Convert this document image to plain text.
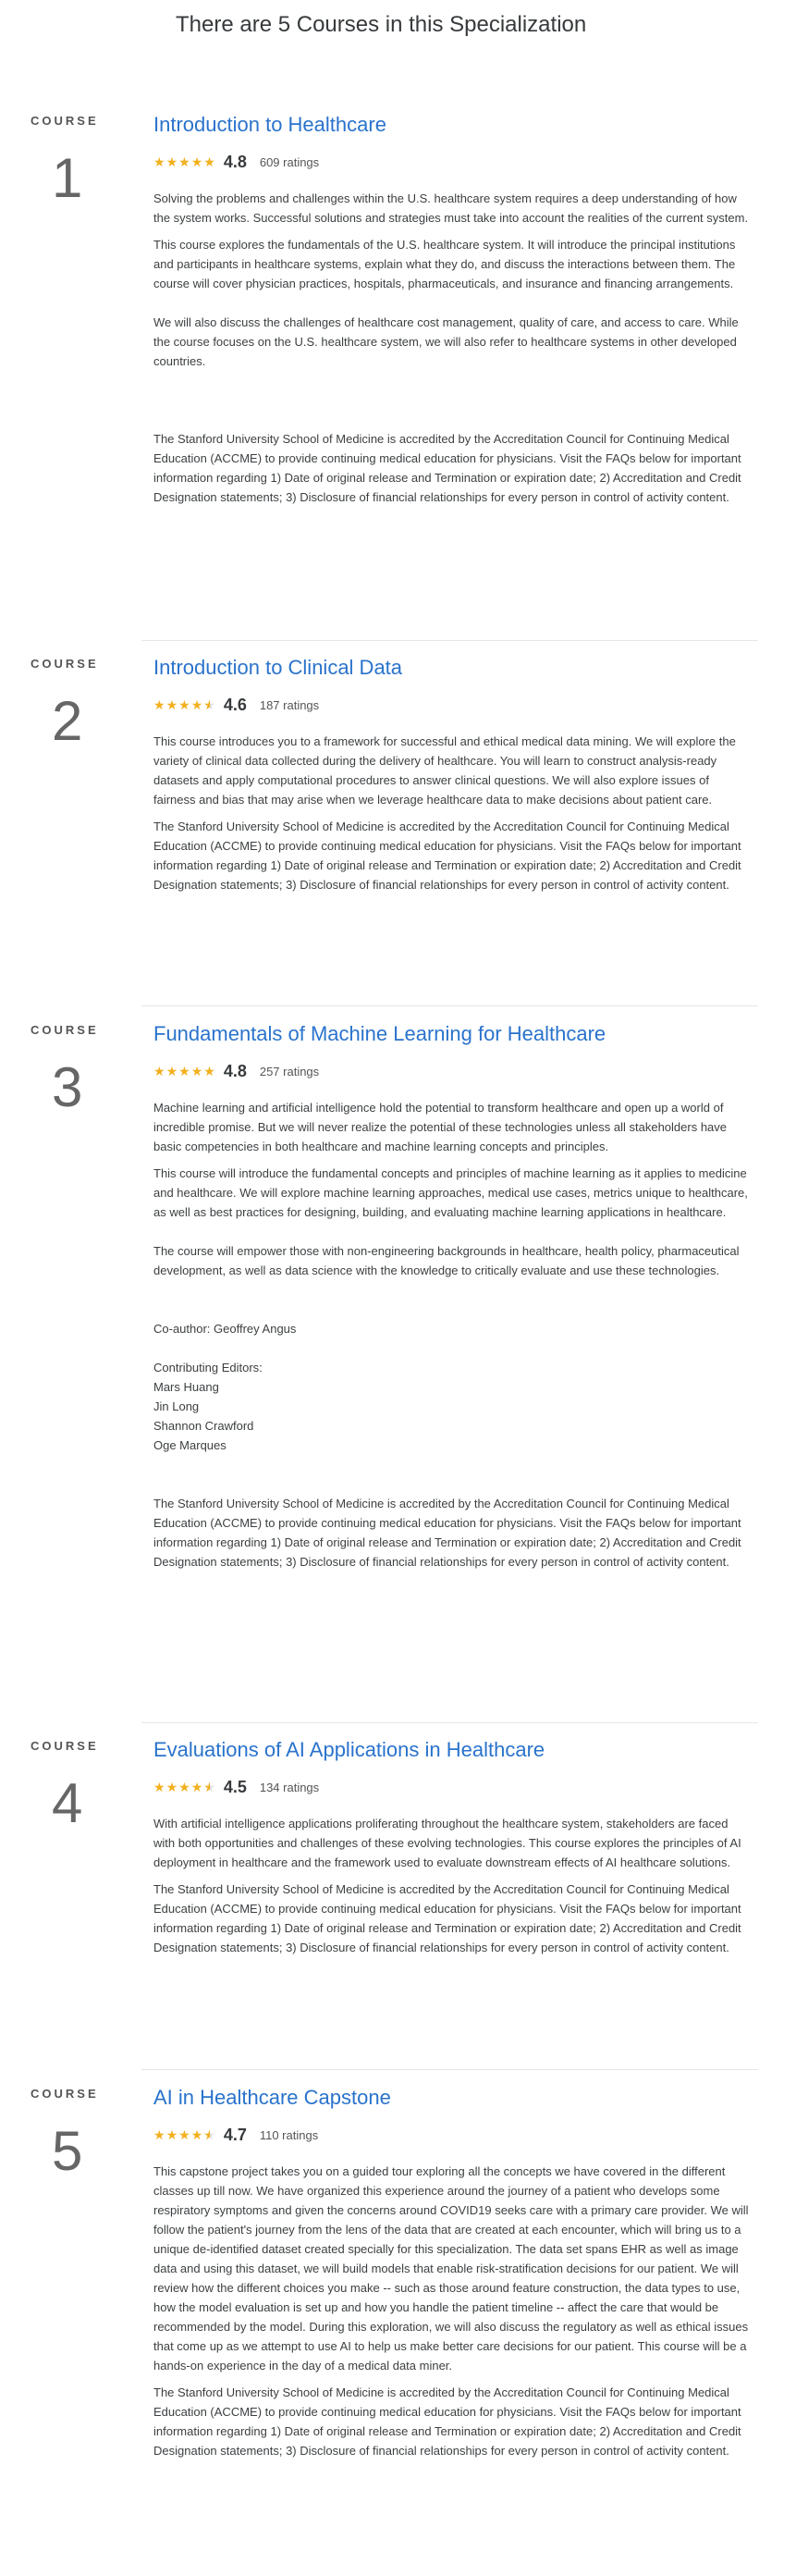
There are 5 Courses in this Specialization
COURSE
1
Introduction to Healthcare
★ ★ ★ ★ ★ 4.8 609 ratings

Solving the problems and challenges within the U.S. healthcare system requires a deep understanding of how the system works. Successful solutions and strategies must take into account the realities of the current system.

This course explores the fundamentals of the U.S. healthcare system. It will introduce the principal institutions and participants in healthcare systems, explain what they do, and discuss the interactions between them. The course will cover physician practices, hospitals, pharmaceuticals, and insurance and financing arrangements.

We will also discuss the challenges of healthcare cost management, quality of care, and access to care. While the course focuses on the U.S. healthcare system, we will also refer to healthcare systems in other developed countries.

The Stanford University School of Medicine is accredited by the Accreditation Council for Continuing Medical Education (ACCME) to provide continuing medical education for physicians. Visit the FAQs below for important information regarding 1) Date of original release and Termination or expiration date; 2) Accreditation and Credit Designation statements; 3) Disclosure of financial relationships for every person in control of activity content.

COURSE
2
Introduction to Clinical Data
★ ★ ★ ★ ★ ★ 4.6 187 ratings

This course introduces you to a framework for successful and ethical medical data mining. We will explore the variety of clinical data collected during the delivery of healthcare. You will learn to construct analysis-ready datasets and apply computational procedures to answer clinical questions. We will also explore issues of fairness and bias that may arise when we leverage healthcare data to make decisions about patient care.

The Stanford University School of Medicine is accredited by the Accreditation Council for Continuing Medical Education (ACCME) to provide continuing medical education for physicians. Visit the FAQs below for important information regarding 1) Date of original release and Termination or expiration date; 2) Accreditation and Credit Designation statements; 3) Disclosure of financial relationships for every person in control of activity content.

COURSE
3
Fundamentals of Machine Learning for Healthcare
★ ★ ★ ★ ★ 4.8 257 ratings

Machine learning and artificial intelligence hold the potential to transform healthcare and open up a world of incredible promise. But we will never realize the potential of these technologies unless all stakeholders have basic competencies in both healthcare and machine learning concepts and principles.

This course will introduce the fundamental concepts and principles of machine learning as it applies to medicine and healthcare. We will explore machine learning approaches, medical use cases, metrics unique to healthcare, as well as best practices for designing, building, and evaluating machine learning applications in healthcare.

The course will empower those with non-engineering backgrounds in healthcare, health policy, pharmaceutical development, as well as data science with the knowledge to critically evaluate and use these technologies.

Co-author: Geoffrey Angus

Contributing Editors:
Mars Huang
Jin Long
Shannon Crawford
Oge Marques

The Stanford University School of Medicine is accredited by the Accreditation Council for Continuing Medical Education (ACCME) to provide continuing medical education for physicians. Visit the FAQs below for important information regarding 1) Date of original release and Termination or expiration date; 2) Accreditation and Credit Designation statements; 3) Disclosure of financial relationships for every person in control of activity content.

COURSE
4
Evaluations of AI Applications in Healthcare
★ ★ ★ ★ ★ ★ 4.5 134 ratings

With artificial intelligence applications proliferating throughout the healthcare system, stakeholders are faced with both opportunities and challenges of these evolving technologies. This course explores the principles of AI deployment in healthcare and the framework used to evaluate downstream effects of AI healthcare solutions.

The Stanford University School of Medicine is accredited by the Accreditation Council for Continuing Medical Education (ACCME) to provide continuing medical education for physicians. Visit the FAQs below for important information regarding 1) Date of original release and Termination or expiration date; 2) Accreditation and Credit Designation statements; 3) Disclosure of financial relationships for every person in control of activity content.

COURSE
5
AI in Healthcare Capstone
★ ★ ★ ★ ★ ★ 4.7 110 ratings

This capstone project takes you on a guided tour exploring all the concepts we have covered in the different classes up till now. We have organized this experience around the journey of a patient who develops some respiratory symptoms and given the concerns around COVID19 seeks care with a primary care provider. We will follow the patient's journey from the lens of the data that are created at each encounter, which will bring us to a unique de-identified dataset created specially for this specialization. The data set spans EHR as well as image data and using this dataset, we will build models that enable risk-stratification decisions for our patient. We will review how the different choices you make -- such as those around feature construction, the data types to use, how the model evaluation is set up and how you handle the patient timeline -- affect the care that would be recommended by the model. During this exploration, we will also discuss the regulatory as well as ethical issues that come up as we attempt to use AI to help us make better care decisions for our patient. This course will be a hands-on experience in the day of a medical data miner.

The Stanford University School of Medicine is accredited by the Accreditation Council for Continuing Medical Education (ACCME) to provide continuing medical education for physicians. Visit the FAQs below for important information regarding 1) Date of original release and Termination or expiration date; 2) Accreditation and Credit Designation statements; 3) Disclosure of financial relationships for every person in control of activity content.
